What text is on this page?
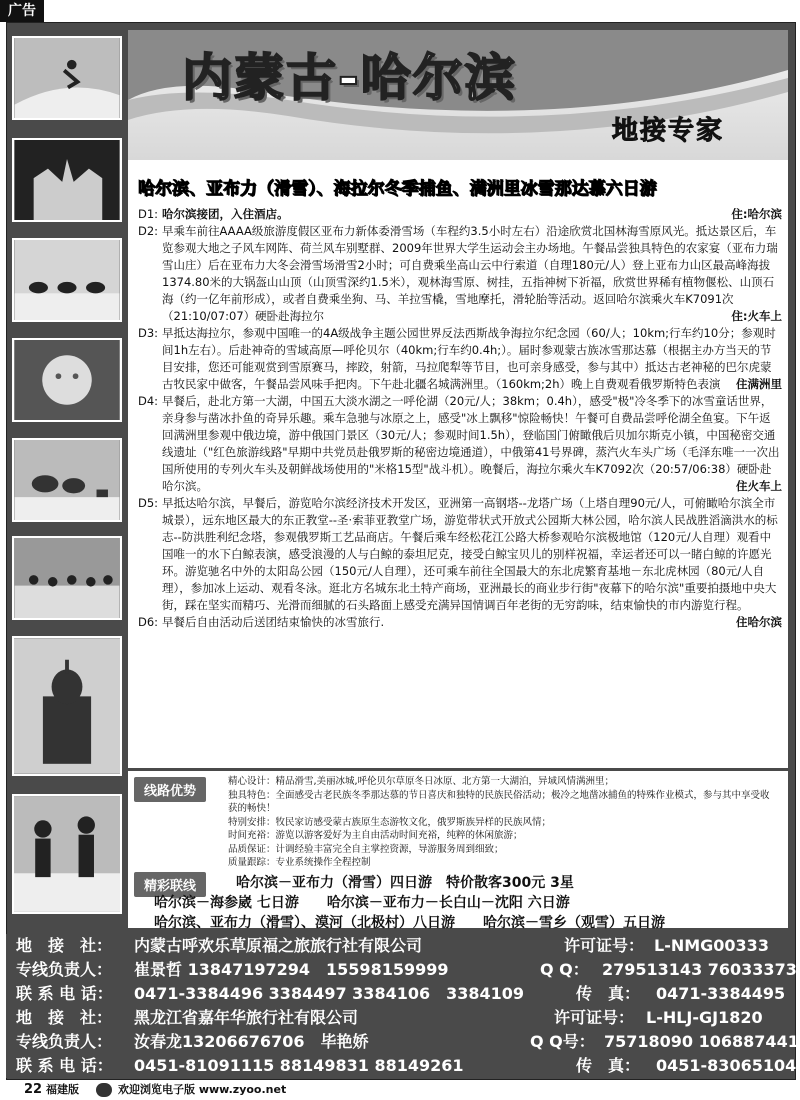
广告
内蒙古-哈尔滨
地接专家
哈尔滨、亚布力（滑雪）、海拉尔冬季捕鱼、满洲里冰雪那达慕六日游
D1:	住:哈尔滨
哈尔滨接团，入住酒店。
D2: 早乘车前往AAAA级旅游度假区亚布力新体委滑雪场（车程约3.5小时左右）沿途欣赏北国林海雪原风光。抵达景区后，车览参观大地之子风车网阵、荷兰风车别墅群、2009年世界大学生运动会主办场地。午餐品尝独具特色的农家宴（亚布力瑞雪山庄）后在亚布力大冬会滑雪场滑雪2小时；可自费乘坐高山云中行索道（自理180元/人）登上亚布力山区最高峰海拔1374.80米的大锅盔山山顶（山顶雪深约1.5米），观林海雪原、树挂，五指神树下祈福，欣赏世界稀有植物偃松、山顶石海（约一亿年前形成），或者自费乘坐狗、马、羊拉雪橇，雪地摩托，滑轮胎等活动。返回哈尔滨乘火车K7091次（21:10/07:07）硬卧赴海拉尔	住:火车上
D3: 早抵达海拉尔，参观中国唯一的4A级战争主题公园世界反法西斯战争海拉尔纪念园（60/人；10km;行车约10分；参观时间1h左右）。后赴神奇的雪域高原—呼伦贝尔（40km;行车约0.4h;）。届时参观蒙古族冰雪那达慕（根据主办方当天的节目安排，您还可能观赏到雪原赛马，摔跤，射箭，马拉爬犁等节目，也可亲身感受，参与其中）抵达古老神秘的巴尔虎蒙古牧民家中做客，午餐品尝风味手把肉。下午赴北疆名城满洲里。（160km;2h）晚上自费观看俄罗斯特色表演 住满洲里
D4: 早餐后，赴北方第一大湖，中国五大淡水湖之一呼伦湖（20元/人；38km；0.4h），感受"极"冷冬季下的冰雪童话世界，亲身参与凿冰扑鱼的奇异乐趣。乘车急驰与冰原之上，感受"冰上飘移"惊险畅快！午餐可自费品尝呼伦湖全鱼宴。下午返回满洲里参观中俄边境，游中俄国门景区（30元/人；参观时间1.5h），登临国门俯瞰俄后贝加尔斯克小镇，中国秘密交通线遗址（"红色旅游线路"早期中共党员赴俄罗斯的秘密边境通道），中俄第41号界碑，蒸汽火车头广场（毛泽东唯一一次出国所使用的专列火车头及朝鲜战场使用的"米格15型"战斗机）。晚餐后，海拉尔乘火车K7092次（20:57/06:38）硬卧赴哈尔滨。	住火车上
D5: 早抵达哈尔滨，早餐后，游览哈尔滨经济技术开发区，亚洲第一高钢塔--龙塔广场（上塔自理90元/人，可俯瞰哈尔滨全市城景），远东地区最大的东正教堂--圣·索菲亚教堂广场，游览带状式开放式公园斯大林公园，哈尔滨人民战胜滔滴洪水的标志--防洪胜利纪念塔，参观俄罗斯工艺品商店。午餐后乘车经松花江公路大桥参观哈尔滨极地馆（120元/人自理）观看中国唯一的水下白鲸表演，感受浪漫的人与白鲸的泰坦尼克，接受白鲸宝贝儿的别样祝福，幸运者还可以一睹白鲸的许愿光环。游览驰名中外的太阳岛公园（150元/人自理），还可乘车前往全国最大的东北虎繁育基地－东北虎林园（80元/人自理），参加冰上运动、观看冬泳。逛北方名城东北土特产商场，亚洲最长的商业步行街"夜幕下的哈尔滨"重要拍摄地中央大街，踩在坚实而精巧、光滑而细腻的石头路面上感受充满异国情调百年老街的无穷韵味，结束愉快的市内游览行程。
住哈尔滨
D6: 早餐后自由活动后送团结束愉快的冰雪旅行.
线路优势
精心设计：精品滑雪,美丽冰城,呼伦贝尔草原冬日冰原、北方第一大湖泊，异域风情满洲里；
独具特色：全面感受古老民族冬季那达慕的节日喜庆和独特的民族民俗活动；极冷之地凿冰捕鱼的特殊作业模式，参与其中享受收获的畅快！
特别安排：牧民家访感受蒙古族原生态游牧文化，俄罗斯族异样的民族风情；
时间充裕：游览以游客爱好为主自由活动时间充裕，纯粹的休闲旅游；
品质保证：计调经验丰富完全自主掌控资源，导游服务周到细致；
质量跟踪：专业系统操作全程控制
精彩联线	哈尔滨－亚布力（滑雪）四日游　特价散客300元 3星
哈尔滨－海参崴 七日游　　哈尔滨－亚布力－长白山－沈阳 六日游
哈尔滨、亚布力（滑雪）、漠河（北极村）八日游　　哈尔滨－雪乡（观雪）五日游
地　接　社： 内蒙古呼欢乐草原福之旅旅行社有限公司	许可证号： L-NMG00333
专线负责人： 崔景哲 13847197294　15598159999	Q Q： 279513143 76033373
联 系 电 话： 0471-3384496 3384497 3384106　3384109	传　真： 0471-3384495
地　接　社： 黑龙江省嘉年华旅行社有限公司	许可证号： L-HLJ-GJ1820
专线负责人： 汝春龙13206676706　毕艳娇	Q Q号： 75718090 106887441
联 系 电 话： 0451-81091115 88149831 88149261	传　真： 0451-83065104
22 福建版	欢迎浏览电子版 www.zyoo.net
